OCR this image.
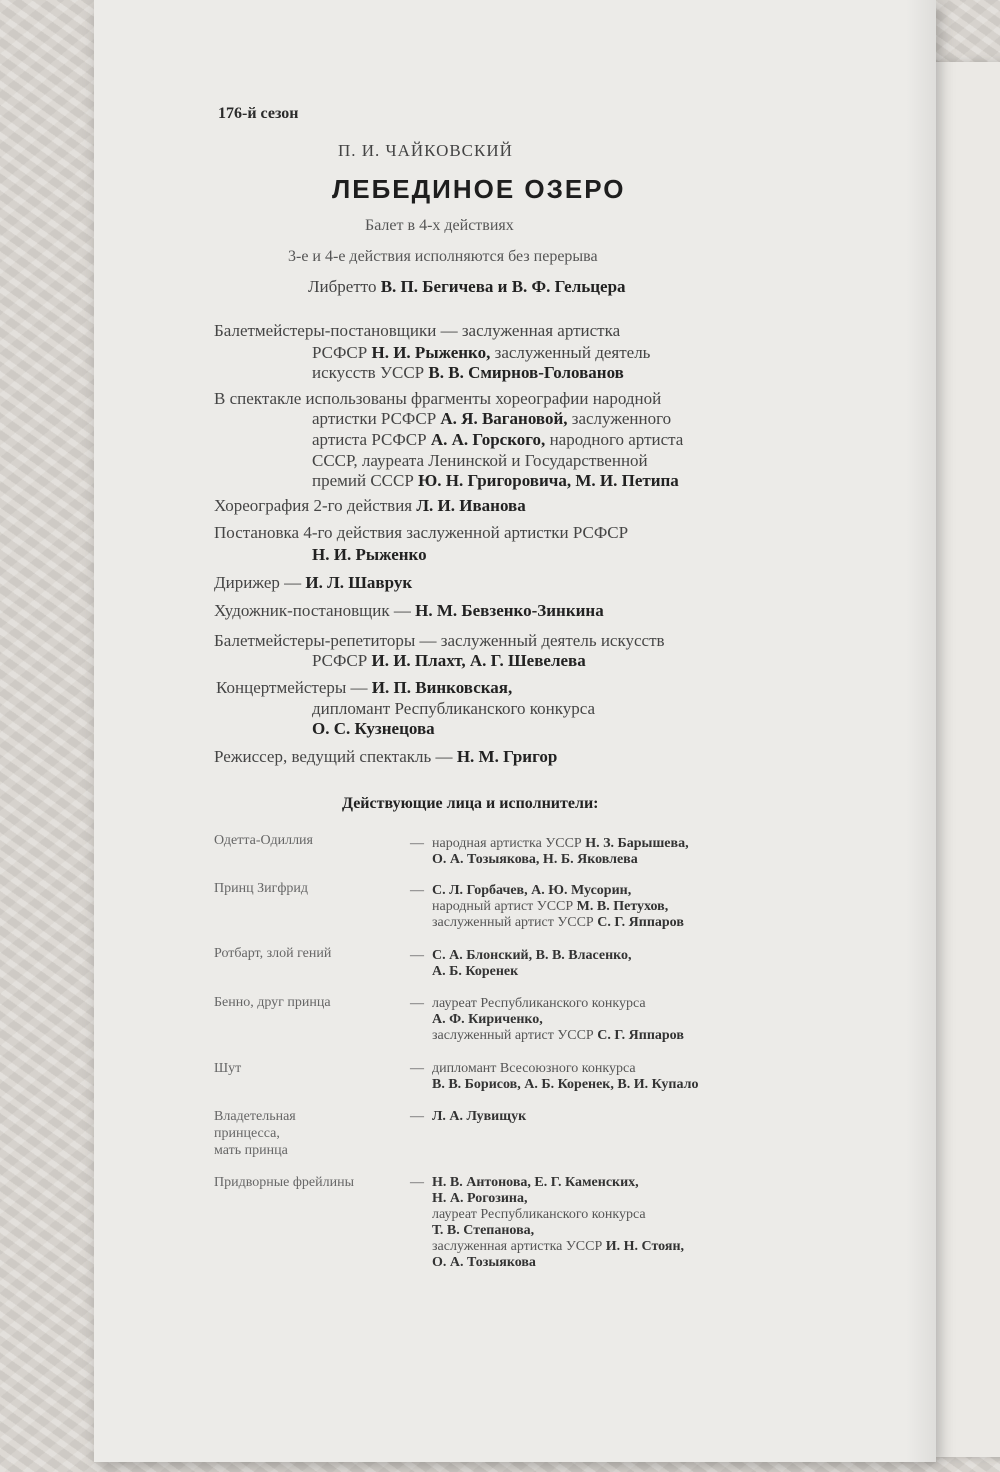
176-й сезон
П. И. ЧАЙКОВСКИЙ
ЛЕБЕДИНОЕ ОЗЕРО
Балет в 4-х действиях
3-е и 4-е действия исполняются без перерыва
Либретто В. П. Бегичева и В. Ф. Гельцера
Балетмейстеры-постановщики — заслуженная артистка
РСФСР Н. И. Рыженко, заслуженный деятель
искусств УССР В. В. Смирнов-Голованов
В спектакле использованы фрагменты хореографии народной
артистки РСФСР А. Я. Вагановой, заслуженного
артиста РСФСР А. А. Горского, народного артиста
СССР, лауреата Ленинской и Государственной
премий СССР Ю. Н. Григоровича, М. И. Петипа
Хореография 2-го действия Л. И. Иванова
Постановка 4-го действия заслуженной артистки РСФСР
Н. И. Рыженко
Дирижер — И. Л. Шаврук
Художник-постановщик — Н. М. Бевзенко-Зинкина
Балетмейстеры-репетиторы — заслуженный деятель искусств
РСФСР И. И. Плахт, А. Г. Шевелева
Концертмейстеры — И. П. Винковская,
дипломант Республиканского конкурса
О. С. Кузнецова
Режиссер, ведущий спектакль — Н. М. Григор
Действующие лица и исполнители:
Одетта-Одиллия	— народная артистка УССР Н. З. Барышева,
О. А. Тозыякова, Н. Б. Яковлева
Принц Зигфрид	— С. Л. Горбачев, А. Ю. Мусорин,
народный артист УССР М. В. Петухов,
заслуженный артист УССР С. Г. Яппаров
Ротбарт, злой гений	— С. А. Блонский, В. В. Власенко,
А. Б. Коренек
Бенно, друг принца	— лауреат Республиканского конкурса
А. Ф. Кириченко,
заслуженный артист УССР С. Г. Яппаров
Шут	— дипломант Всесоюзного конкурса
В. В. Борисов, А. Б. Коренек, В. И. Купало
Владетельная
принцесса,
мать принца
— Л. А. Лувищук
Придворные фрейлины	— Н. В. Антонова, Е. Г. Каменских,
Н. А. Рогозина,
лауреат Республиканского конкурса
Т. В. Степанова,
заслуженная артистка УССР И. Н. Стоян,
О. А. Тозыякова
